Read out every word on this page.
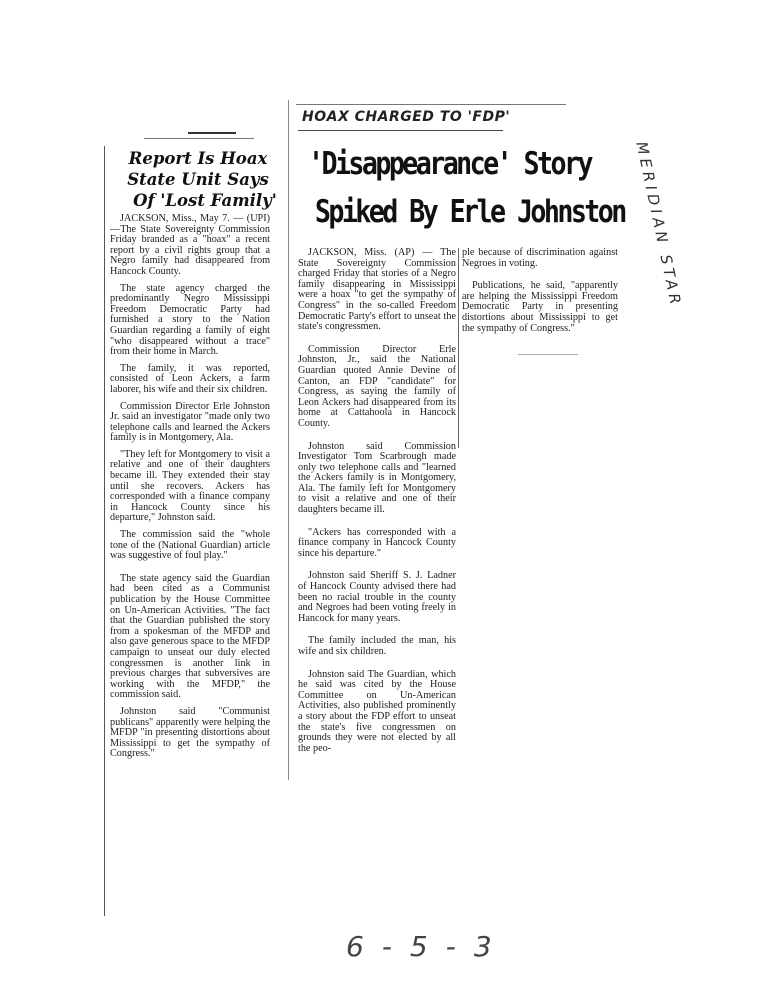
Report Is Hoax
State Unit Says
Of 'Lost Family'

JACKSON, Miss., May 7. — (UPI)—The State Sovereignty Commission Friday branded as a "hoax" a recent report by a civil rights group that a Negro family had disappeared from Hancock County.

The state agency charged the predominantly Negro Mississippi Freedom Democratic Party had furnished a story to the Nation Guardian regarding a family of eight "who disappeared without a trace" from their home in March.

The family, it was reported, consisted of Leon Ackers, a farm laborer, his wife and their six children.

Commission Director Erle Johnston Jr. said an investigator "made only two telephone calls and learned the Ackers family is in Montgomery, Ala.

"They left for Montgomery to visit a relative and one of their daughters became ill. They extended their stay until she recovers. Ackers has corresponded with a finance company in Hancock County since his departure," Johnston said.

The commission said the "whole tone of the (National Guardian) article was suggestive of foul play."

The state agency said the Guardian had been cited as a Communist publication by the House Committee on Un-American Activities. "The fact that the Guardian published the story from a spokesman of the MFDP and also gave generous space to the MFDP campaign to unseat our duly elected congressmen is another link in previous charges that subversives are working with the MFDP," the commission said.

Johnston said "Communist publicans" apparently were helping the MFDP "in presenting distortions about Mississippi to get the sympathy of Congress."

HOAX CHARGED TO 'FDP'
'Disappearance' Story
Spiked By Erle Johnston

JACKSON, Miss. (AP) — The State Sovereignty Commission charged Friday that stories of a Negro family disappearing in Mississippi were a hoax "to get the sympathy of Congress" in the so-called Freedom Democratic Party's effort to unseat the state's congressmen.

Commission Director Erle Johnston, Jr., said the National Guardian quoted Annie Devine of Canton, an FDP "candidate" for Congress, as saying the family of Leon Ackers had disappeared from its home at Cattahoola in Hancock County.

Johnston said Commission Investigator Tom Scarbrough made only two telephone calls and "learned the Ackers family is in Montgomery, Ala. The family left for Montgomery to visit a relative and one of their daughters became ill.

"Ackers has corresponded with a finance company in Hancock County since his departure."

Johnston said Sheriff S. J. Ladner of Hancock County advised there had been no racial trouble in the county and Negroes had been voting freely in Hancock for many years.

The family included the man, his wife and six children.

Johnston said The Guardian, which he said was cited by the House Committee on Un-American Activities, also published prominently a story about the FDP effort to unseat the state's five congressmen on grounds they were not elected by all the peo-

ple because of discrimination against Negroes in voting.

Publications, he said, "apparently are helping the Mississippi Freedom Democratic Party in presenting distortions about Mississippi to get the sympathy of Congress."

MERIDIAN STAR
6-5-3
